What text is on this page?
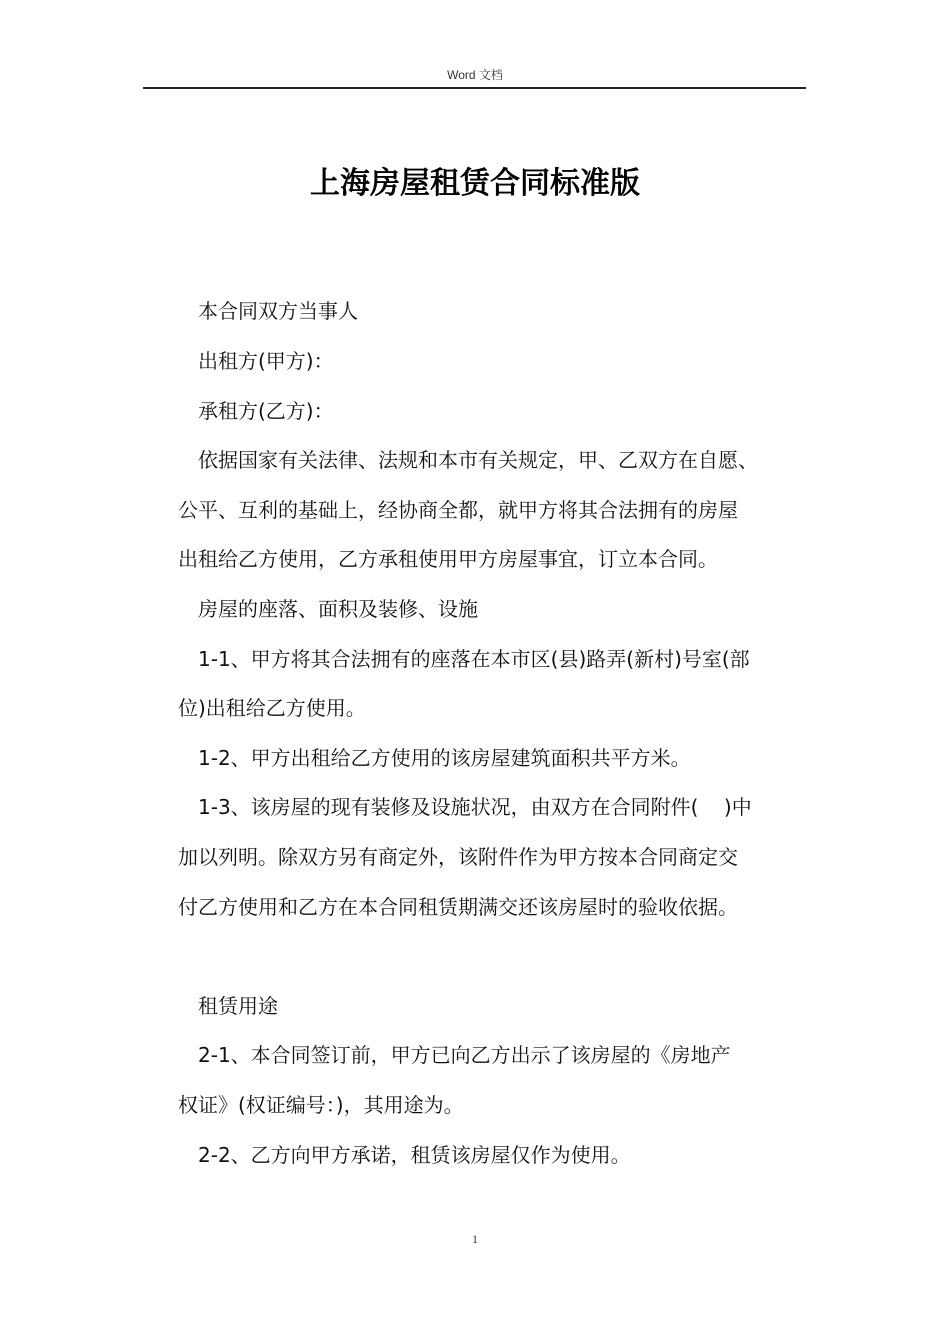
Word 文档
上海房屋租赁合同标准版
本合同双方当事人
出租方(甲方)：
承租方(乙方)：
依据国家有关法律、法规和本市有关规定，甲、乙双方在自愿、
公平、互利的基础上，经协商全都，就甲方将其合法拥有的房屋
出租给乙方使用，乙方承租使用甲方房屋事宜，订立本合同。
房屋的座落、面积及装修、设施
1-1、甲方将其合法拥有的座落在本市区(县)路弄(新村)号室(部
位)出租给乙方使用。
1-2、甲方出租给乙方使用的该房屋建筑面积共平方米。
1-3、该房屋的现有装修及设施状况，由双方在合同附件(    )中
加以列明。除双方另有商定外，该附件作为甲方按本合同商定交
付乙方使用和乙方在本合同租赁期满交还该房屋时的验收依据。
租赁用途
2-1、本合同签订前，甲方已向乙方出示了该房屋的《房地产
权证》(权证编号：)，其用途为。
2-2、乙方向甲方承诺，租赁该房屋仅作为使用。
1
